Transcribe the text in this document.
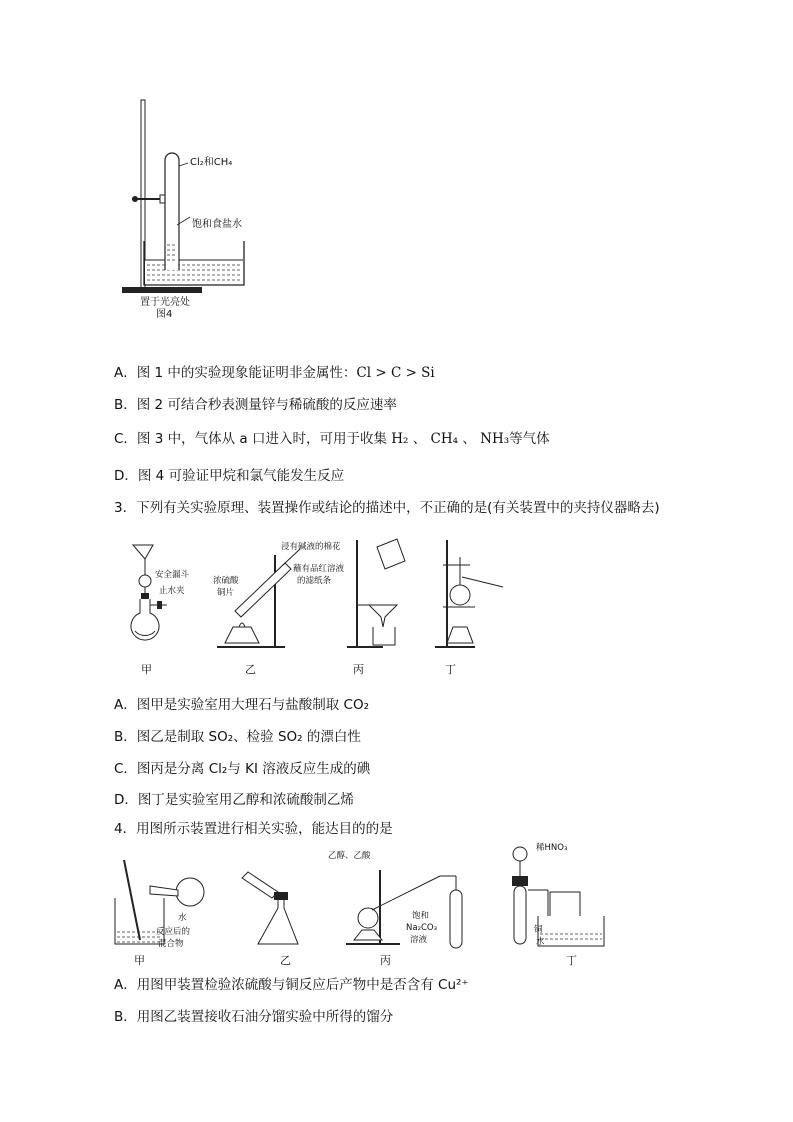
Cl₂和CH₄
饱和食盐水
置于光亮处
图4
A．图 1 中的实验现象能证明非金属性：Cl > C > Si
B．图 2 可结合秒表测量锌与稀硫酸的反应速率
C．图 3 中，气体从 a 口进入时，可用于收集 H₂ 、 CH₄ 、 NH₃等气体
D．图 4 可验证甲烷和氯气能发生反应
3．下列有关实验原理、装置操作或结论的描述中，不正确的是(有关装置中的夹持仪器略去)
安全漏斗
止水夹
浓硫酸
铜片
浸有碱液的棉花
蘸有品红溶液
的滤纸条
甲	乙	丙	丁
A．图甲是实验室用大理石与盐酸制取 CO₂
B．图乙是制取 SO₂、检验 SO₂ 的漂白性
C．图丙是分离 Cl₂与 KI 溶液反应生成的碘
D．图丁是实验室用乙醇和浓硫酸制乙烯
4．用图所示装置进行相关实验，能达目的的是
水
反应后的
混合物
甲	乙
乙醇、乙酸
饱和
Na₂CO₃
溶液
丙
稀HNO₃
铜
水
丁
A．用图甲装置检验浓硫酸与铜反应后产物中是否含有 Cu²⁺
B．用图乙装置接收石油分馏实验中所得的馏分
